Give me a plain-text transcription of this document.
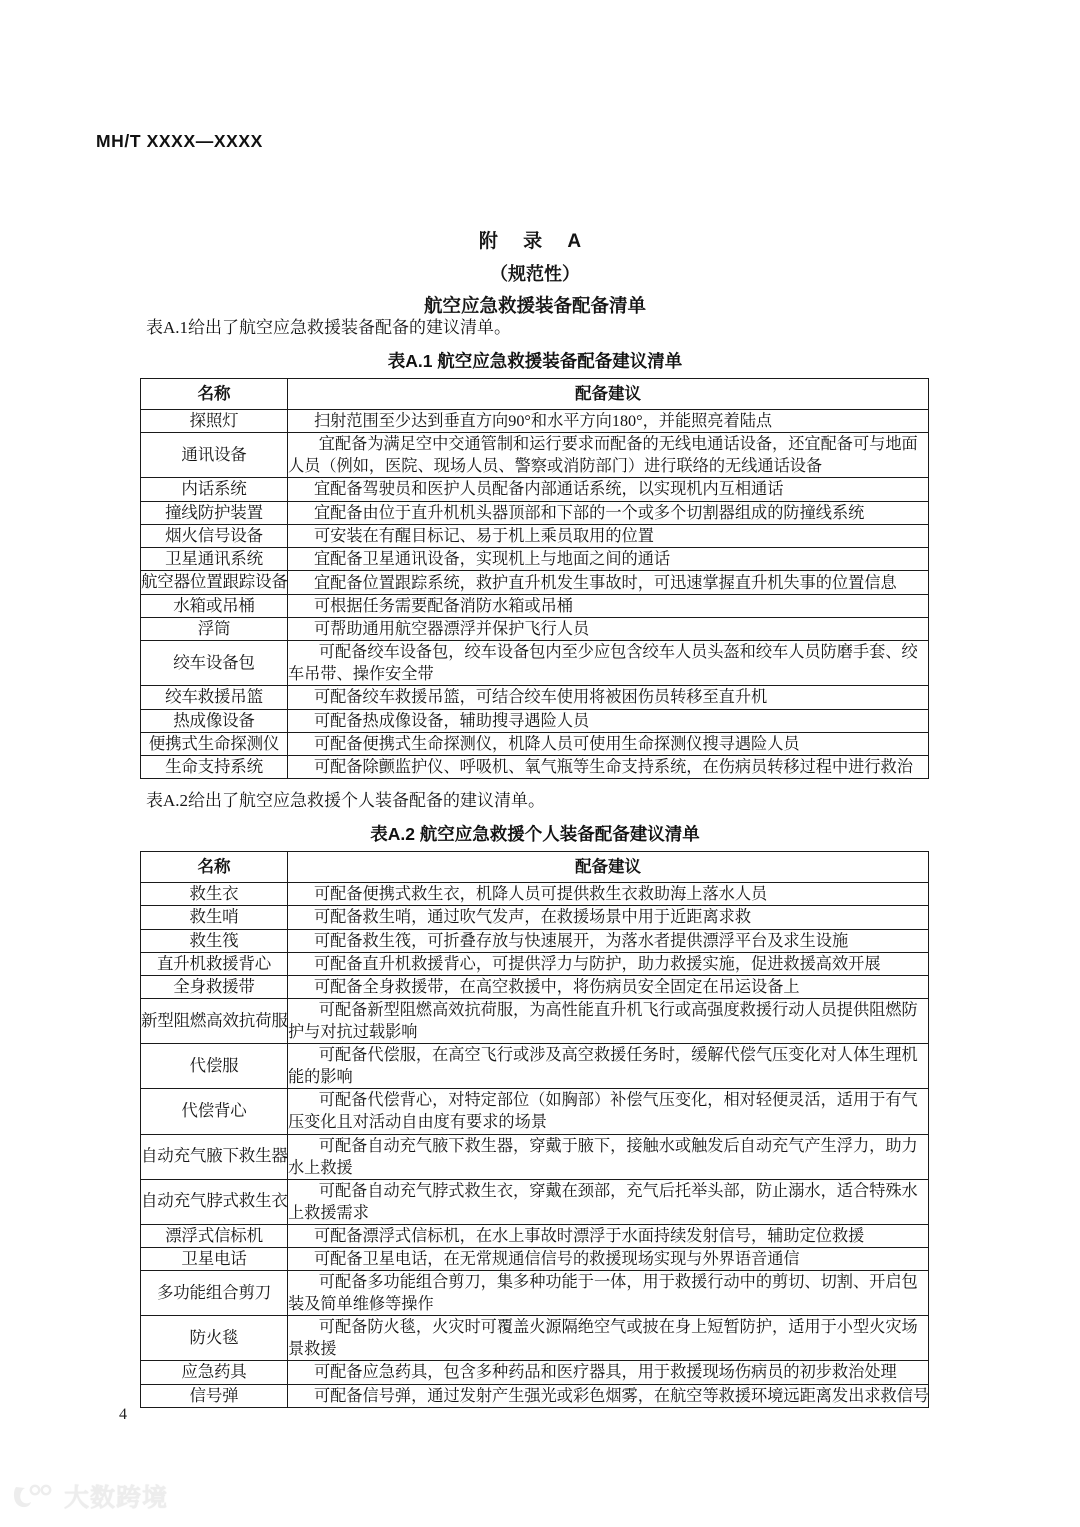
MH/T XXXX—XXXX
附 录 A
（规范性）
航空应急救援装备配备清单
表A.1给出了航空应急救援装备配备的建议清单。
表A.1 航空应急救援装备配备建议清单
名称	配备建议
探照灯	扫射范围至少达到垂直方向90°和水平方向180°，并能照亮着陆点
通讯设备	宜配备为满足空中交通管制和运行要求而配备的无线电通话设备，还宜配备可与地面人员（例如，医院、现场人员、警察或消防部门）进行联络的无线通话设备
内话系统	宜配备驾驶员和医护人员配备内部通话系统，以实现机内互相通话
撞线防护装置	宜配备由位于直升机机头器顶部和下部的一个或多个切割器组成的防撞线系统
烟火信号设备	可安装在有醒目标记、易于机上乘员取用的位置
卫星通讯系统	宜配备卫星通讯设备，实现机上与地面之间的通话
航空器位置跟踪设备	宜配备位置跟踪系统，救护直升机发生事故时，可迅速掌握直升机失事的位置信息
水箱或吊桶	可根据任务需要配备消防水箱或吊桶
浮筒	可帮助通用航空器漂浮并保护飞行人员
绞车设备包	可配备绞车设备包，绞车设备包内至少应包含绞车人员头盔和绞车人员防磨手套、绞车吊带、操作安全带
绞车救援吊篮	可配备绞车救援吊篮，可结合绞车使用将被困伤员转移至直升机
热成像设备	可配备热成像设备，辅助搜寻遇险人员
便携式生命探测仪	可配备便携式生命探测仪，机降人员可使用生命探测仪搜寻遇险人员
生命支持系统	可配备除颤监护仪、呼吸机、氧气瓶等生命支持系统，在伤病员转移过程中进行救治
表A.2给出了航空应急救援个人装备配备的建议清单。
表A.2 航空应急救援个人装备配备建议清单
名称	配备建议
救生衣	可配备便携式救生衣，机降人员可提供救生衣救助海上落水人员
救生哨	可配备救生哨，通过吹气发声，在救援场景中用于近距离求救
救生筏	可配备救生筏，可折叠存放与快速展开，为落水者提供漂浮平台及求生设施
直升机救援背心	可配备直升机救援背心，可提供浮力与防护，助力救援实施，促进救援高效开展
全身救援带	可配备全身救援带，在高空救援中，将伤病员安全固定在吊运设备上
新型阻燃高效抗荷服	可配备新型阻燃高效抗荷服，为高性能直升机飞行或高强度救援行动人员提供阻燃防护与对抗过载影响
代偿服	可配备代偿服，在高空飞行或涉及高空救援任务时，缓解代偿气压变化对人体生理机能的影响
代偿背心	可配备代偿背心，对特定部位（如胸部）补偿气压变化，相对轻便灵活，适用于有气压变化且对活动自由度有要求的场景
自动充气腋下救生器	可配备自动充气腋下救生器，穿戴于腋下，接触水或触发后自动充气产生浮力，助力水上救援
自动充气脖式救生衣	可配备自动充气脖式救生衣，穿戴在颈部，充气后托举头部，防止溺水，适合特殊水上救援需求
漂浮式信标机	可配备漂浮式信标机，在水上事故时漂浮于水面持续发射信号，辅助定位救援
卫星电话	可配备卫星电话，在无常规通信信号的救援现场实现与外界语音通信
多功能组合剪刀	可配备多功能组合剪刀，集多种功能于一体，用于救援行动中的剪切、切割、开启包装及简单维修等操作
防火毯	可配备防火毯，火灾时可覆盖火源隔绝空气或披在身上短暂防护，适用于小型火灾场景救援
应急药具	可配备应急药具，包含多种药品和医疗器具，用于救援现场伤病员的初步救治处理
信号弹	可配备信号弹，通过发射产生强光或彩色烟雾，在航空等救援环境远距离发出求救信号
4
大数跨境
